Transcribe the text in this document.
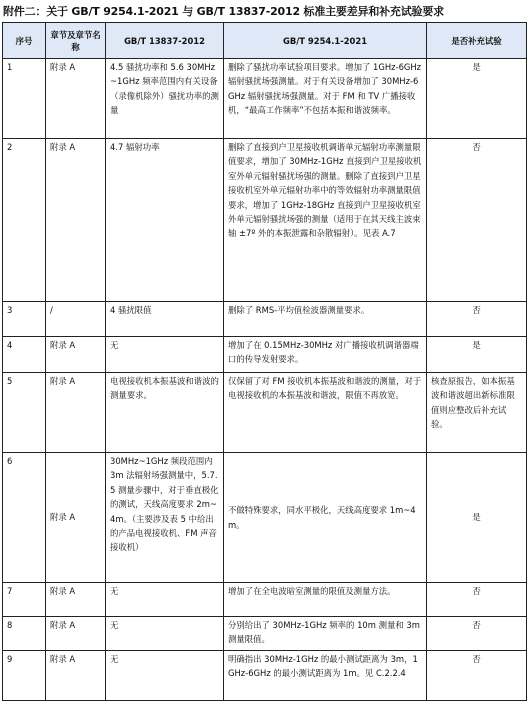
附件二：关于 GB/T 9254.1-2021 与 GB/T 13837-2012 标准主要差异和补充试验要求
序号	章节及章节名称	GB/T 13837-2012	GB/T 9254.1-2021	是否补充试验
1	附录 A	4.5 骚扰功率和 5.6 30MHz~1GHz 频率范围内有关设备（录像机除外）骚扰功率的测量	删除了骚扰功率试验项目要求。增加了 1GHz-6GHz 辐射骚扰场强测量。对于有关设备增加了 30MHz-6GHz 辐射骚扰场强测量。对于 FM 和 TV 广播接收机，“最高工作频率”不包括本振和谐波频率。	是
2	附录 A	4.7 辐射功率	删除了直接到户卫星接收机调谐单元辐射功率测量限值要求，增加了 30MHz-1GHz 直接到户卫星接收机室外单元辐射骚扰场强的测量。删除了直接到户卫星接收机室外单元辐射功率中的等效辐射功率测量限值要求，增加了 1GHz-18GHz 直接到户卫星接收机室外单元辐射骚扰场强的测量（适用于在其天线主波束轴 ±7º 外的本振泄露和杂散辐射）。见表 A.7	否
3	/	4 骚扰限值	删除了 RMS-平均值检波器测量要求。	否
4	附录 A	无	增加了在 0.15MHz-30MHz 对广播接收机调谐器端口的传导发射要求。	是
5	附录 A	电视接收机本振基波和谐波的测量要求。	仅保留了对 FM 接收机本振基波和谐波的测量，对于电视接收机的本振基波和谐波，限值不再放宽。	核查原报告，如本振基波和谐波超出新标准限值则应整改后补充试验。
6	附录 A	30MHz~1GHz 频段范围内 3m 法辐射场强测量中，5.7.5 测量步骤中，对于垂直极化的测试，天线高度要求 2m~4m。（主要涉及表 5 中给出的产品电视接收机、FM 声音接收机）	不做特殊要求，同水平极化，天线高度要求 1m~4m。	是
7	附录 A	无	增加了在全电波暗室测量的限值及测量方法。	否
8	附录 A	无	分别给出了 30MHz-1GHz 频率的 10m 测量和 3m 测量限值。	否
9	附录 A	无	明确指出 30MHz-1GHz 的最小测试距离为 3m，1GHz-6GHz 的最小测试距离为 1m。见 C.2.2.4	否
